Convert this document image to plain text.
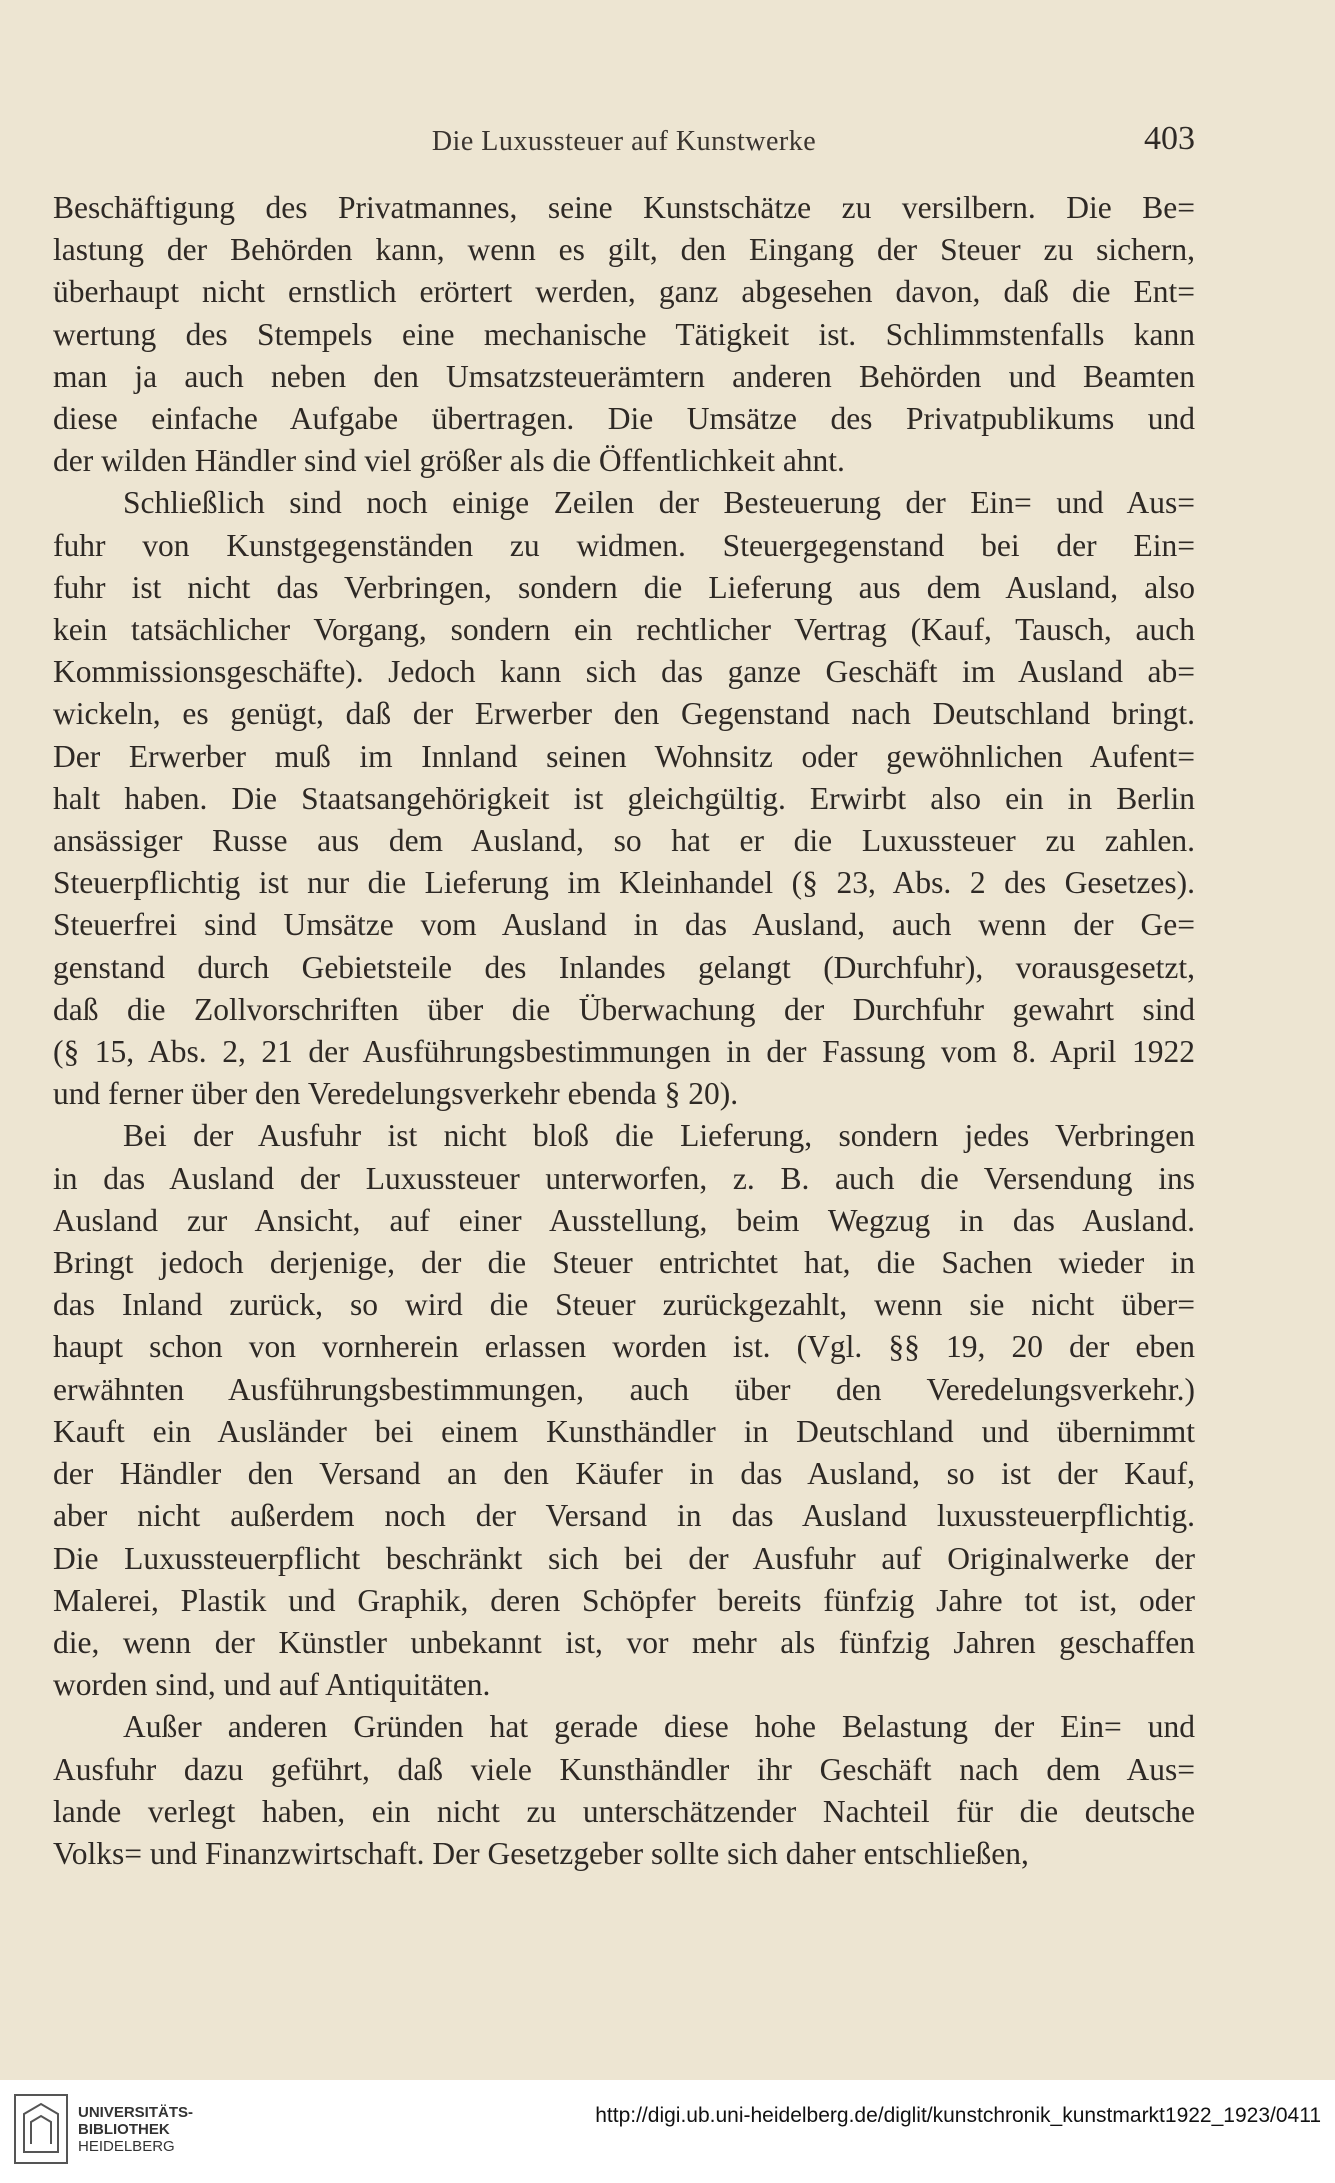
Die Luxussteuer auf Kunstwerke	403

Beschäftigung des Privatmannes, seine Kunstschätze zu versilbern. Die Be=
lastung der Behörden kann, wenn es gilt, den Eingang der Steuer zu sichern,
überhaupt nicht ernstlich erörtert werden, ganz abgesehen davon, daß die Ent=
wertung des Stempels eine mechanische Tätigkeit ist. Schlimmstenfalls kann
man ja auch neben den Umsatzsteuerämtern anderen Behörden und Beamten
diese einfache Aufgabe übertragen. Die Umsätze des Privatpublikums und
der wilden Händler sind viel größer als die Öffentlichkeit ahnt.

Schließlich sind noch einige Zeilen der Besteuerung der Ein= und Aus=
fuhr von Kunstgegenständen zu widmen. Steuergegenstand bei der Ein=
fuhr ist nicht das Verbringen, sondern die Lieferung aus dem Ausland, also
kein tatsächlicher Vorgang, sondern ein rechtlicher Vertrag (Kauf, Tausch, auch
Kommissionsgeschäfte). Jedoch kann sich das ganze Geschäft im Ausland ab=
wickeln, es genügt, daß der Erwerber den Gegenstand nach Deutschland bringt.
Der Erwerber muß im Innland seinen Wohnsitz oder gewöhnlichen Aufent=
halt haben. Die Staatsangehörigkeit ist gleichgültig. Erwirbt also ein in Berlin
ansässiger Russe aus dem Ausland, so hat er die Luxussteuer zu zahlen.
Steuerpflichtig ist nur die Lieferung im Kleinhandel (§ 23, Abs. 2 des Gesetzes).
Steuerfrei sind Umsätze vom Ausland in das Ausland, auch wenn der Ge=
genstand durch Gebietsteile des Inlandes gelangt (Durchfuhr), vorausgesetzt,
daß die Zollvorschriften über die Überwachung der Durchfuhr gewahrt sind
(§ 15, Abs. 2, 21 der Ausführungsbestimmungen in der Fassung vom 8. April 1922
und ferner über den Veredelungsverkehr ebenda § 20).

Bei der Ausfuhr ist nicht bloß die Lieferung, sondern jedes Verbringen
in das Ausland der Luxussteuer unterworfen, z. B. auch die Versendung ins
Ausland zur Ansicht, auf einer Ausstellung, beim Wegzug in das Ausland.
Bringt jedoch derjenige, der die Steuer entrichtet hat, die Sachen wieder in
das Inland zurück, so wird die Steuer zurückgezahlt, wenn sie nicht über=
haupt schon von vornherein erlassen worden ist. (Vgl. §§ 19, 20 der eben
erwähnten Ausführungsbestimmungen, auch über den Veredelungsverkehr.)
Kauft ein Ausländer bei einem Kunsthändler in Deutschland und übernimmt
der Händler den Versand an den Käufer in das Ausland, so ist der Kauf,
aber nicht außerdem noch der Versand in das Ausland luxussteuerpflichtig.
Die Luxussteuerpflicht beschränkt sich bei der Ausfuhr auf Originalwerke der
Malerei, Plastik und Graphik, deren Schöpfer bereits fünfzig Jahre tot ist, oder
die, wenn der Künstler unbekannt ist, vor mehr als fünfzig Jahren geschaffen
worden sind, und auf Antiquitäten.

Außer anderen Gründen hat gerade diese hohe Belastung der Ein= und
Ausfuhr dazu geführt, daß viele Kunsthändler ihr Geschäft nach dem Aus=
lande verlegt haben, ein nicht zu unterschätzender Nachteil für die deutsche
Volks= und Finanzwirtschaft. Der Gesetzgeber sollte sich daher entschließen,

UNIVERSITÄTS-
BIBLIOTHEK
HEIDELBERG
http://digi.ub.uni-heidelberg.de/diglit/kunstchronik_kunstmarkt1922_1923/0411
